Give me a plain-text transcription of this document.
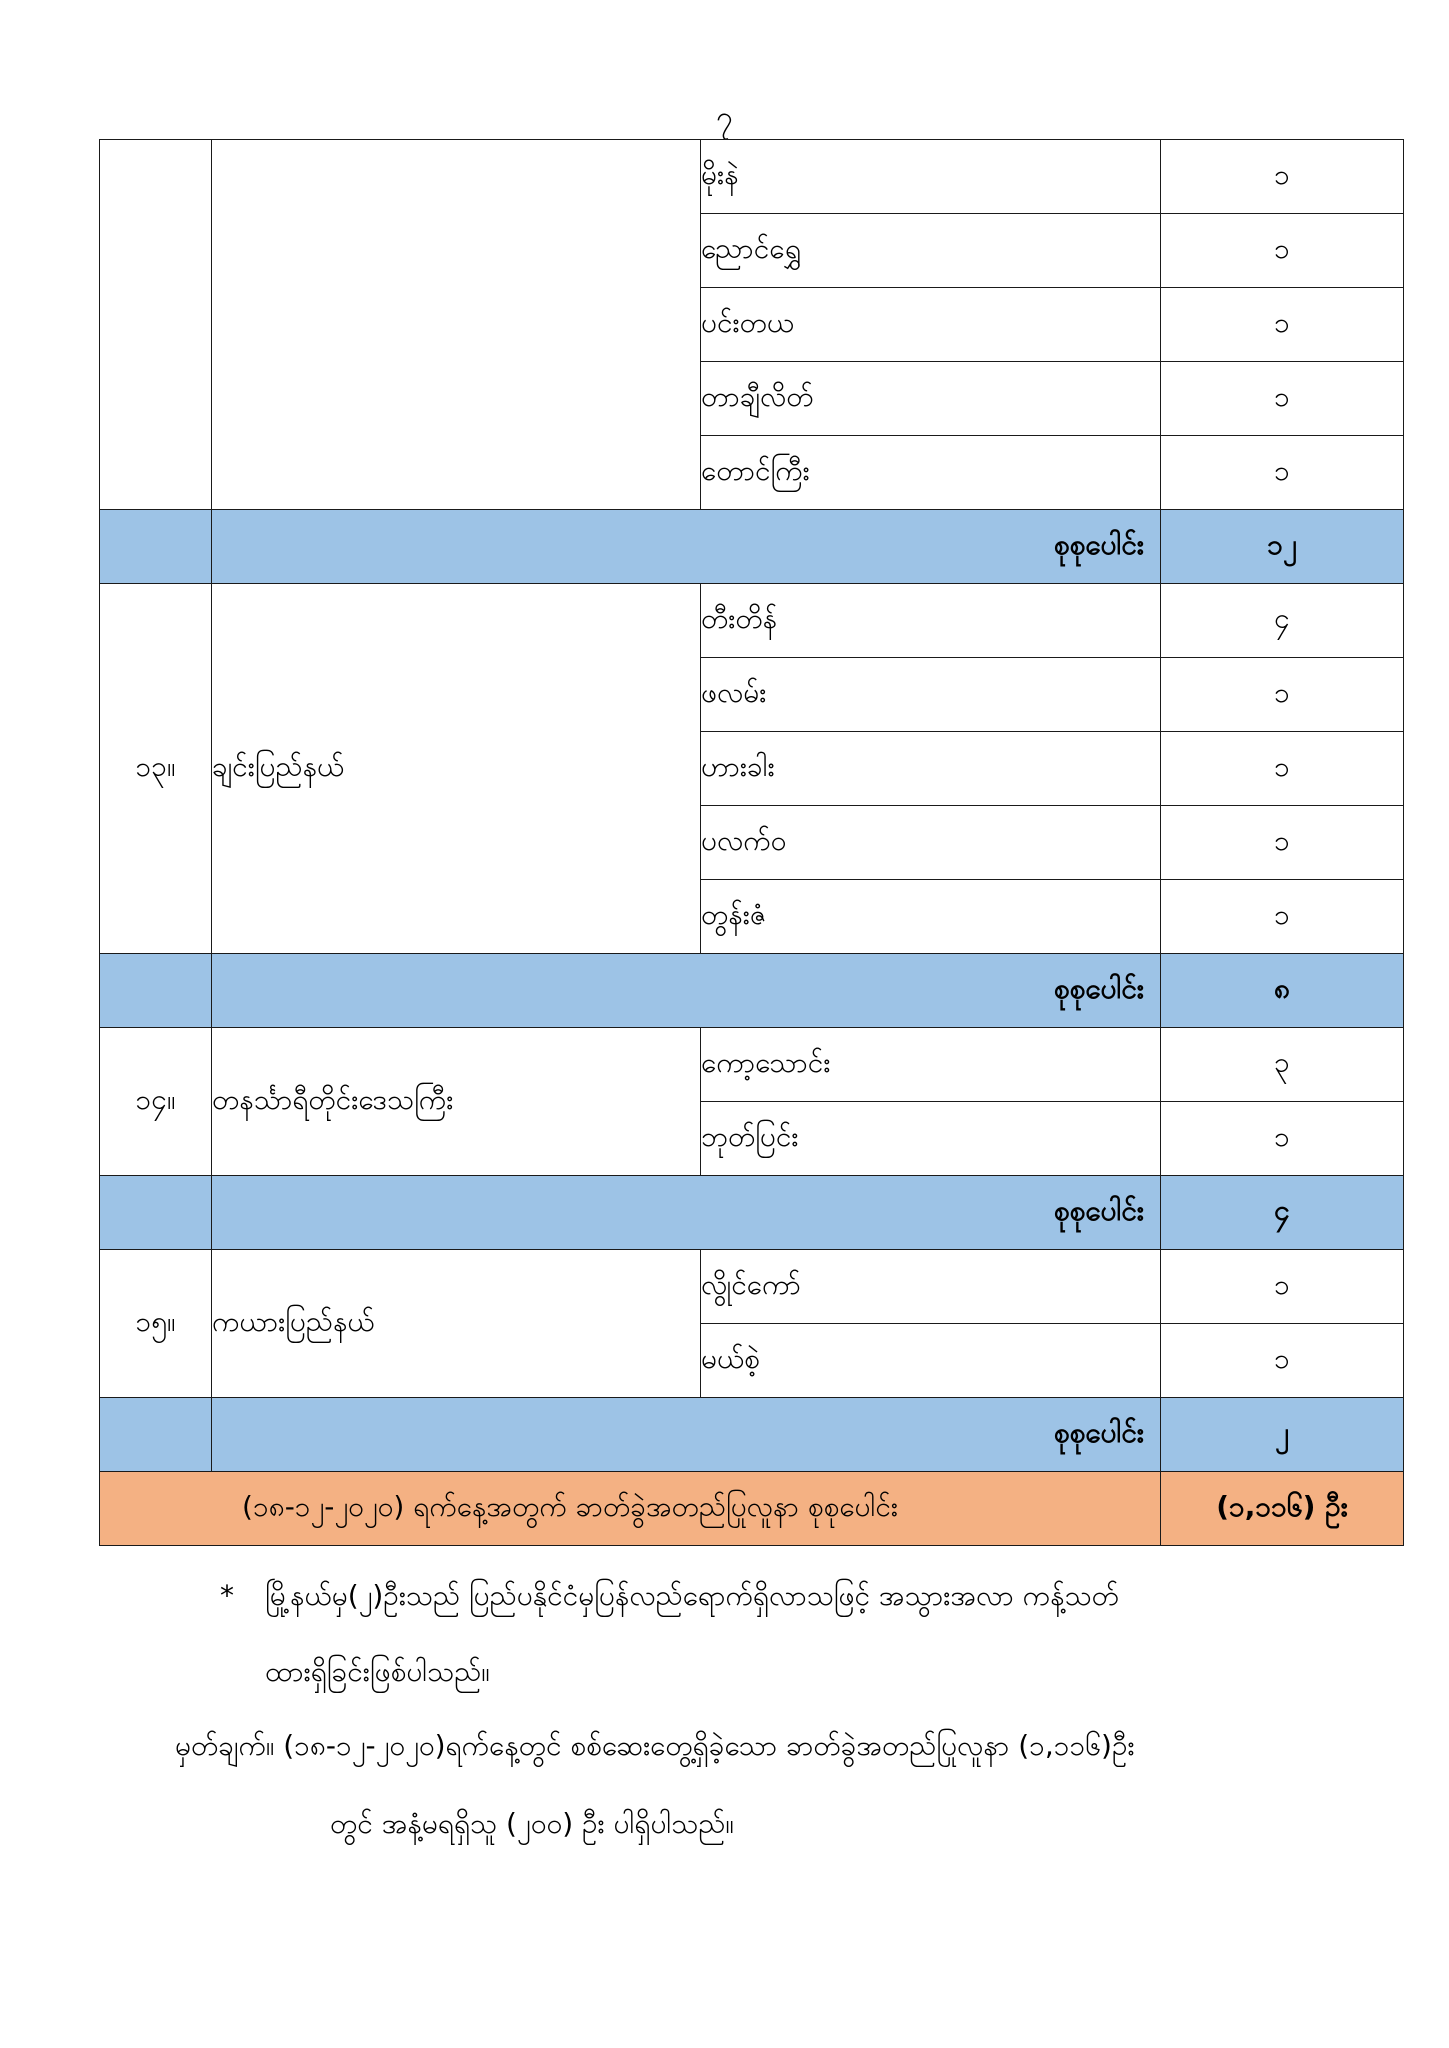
၇
		မိုးနဲ	၁
		ညောင်ရွှေ	၁
		ပင်းတယ	၁
		တာချီလိတ်	၁
		တောင်ကြီး	၁
	စုစုပေါင်း		၁၂
၁၃။	ချင်းပြည်နယ်	တီးတိန်	၄
		ဖလမ်း	၁
		ဟားခါး	၁
		ပလက်ဝ	၁
		တွန်းဇံ	၁
	စုစုပေါင်း		၈
၁၄။	တနင်္သာရီတိုင်းဒေသကြီး	ကော့သောင်း	၃
		ဘုတ်ပြင်း	၁
	စုစုပေါင်း		၄
၁၅။	ကယားပြည်နယ်	လွိုင်ကော်	၁
		မယ်စဲ့	၁
	စုစုပေါင်း		၂
(၁၈-၁၂-၂၀၂၀) ရက်နေ့အတွက် ခာတ်ခွဲအတည်ပြုလူနာ စုစုပေါင်း			(၁,၁၁၆) ဦး
* မြို့နယ်မှ(၂)ဦးသည် ပြည်ပနိုင်ငံမှပြန်လည်ရောက်ရှိလာသဖြင့် အသွားအလာ ကန့်သတ်
ထားရှိခြင်းဖြစ်ပါသည်။
မှတ်ချက်။ (၁၈-၁၂-၂၀၂၀)ရက်နေ့တွင် စစ်ဆေးတွေ့ရှိခဲ့သော ခာတ်ခွဲအတည်ပြုလူနာ (၁,၁၁၆)ဦး
တွင် အနံ့မရရှိသူ (၂၀၀) ဦး ပါရှိပါသည်။
